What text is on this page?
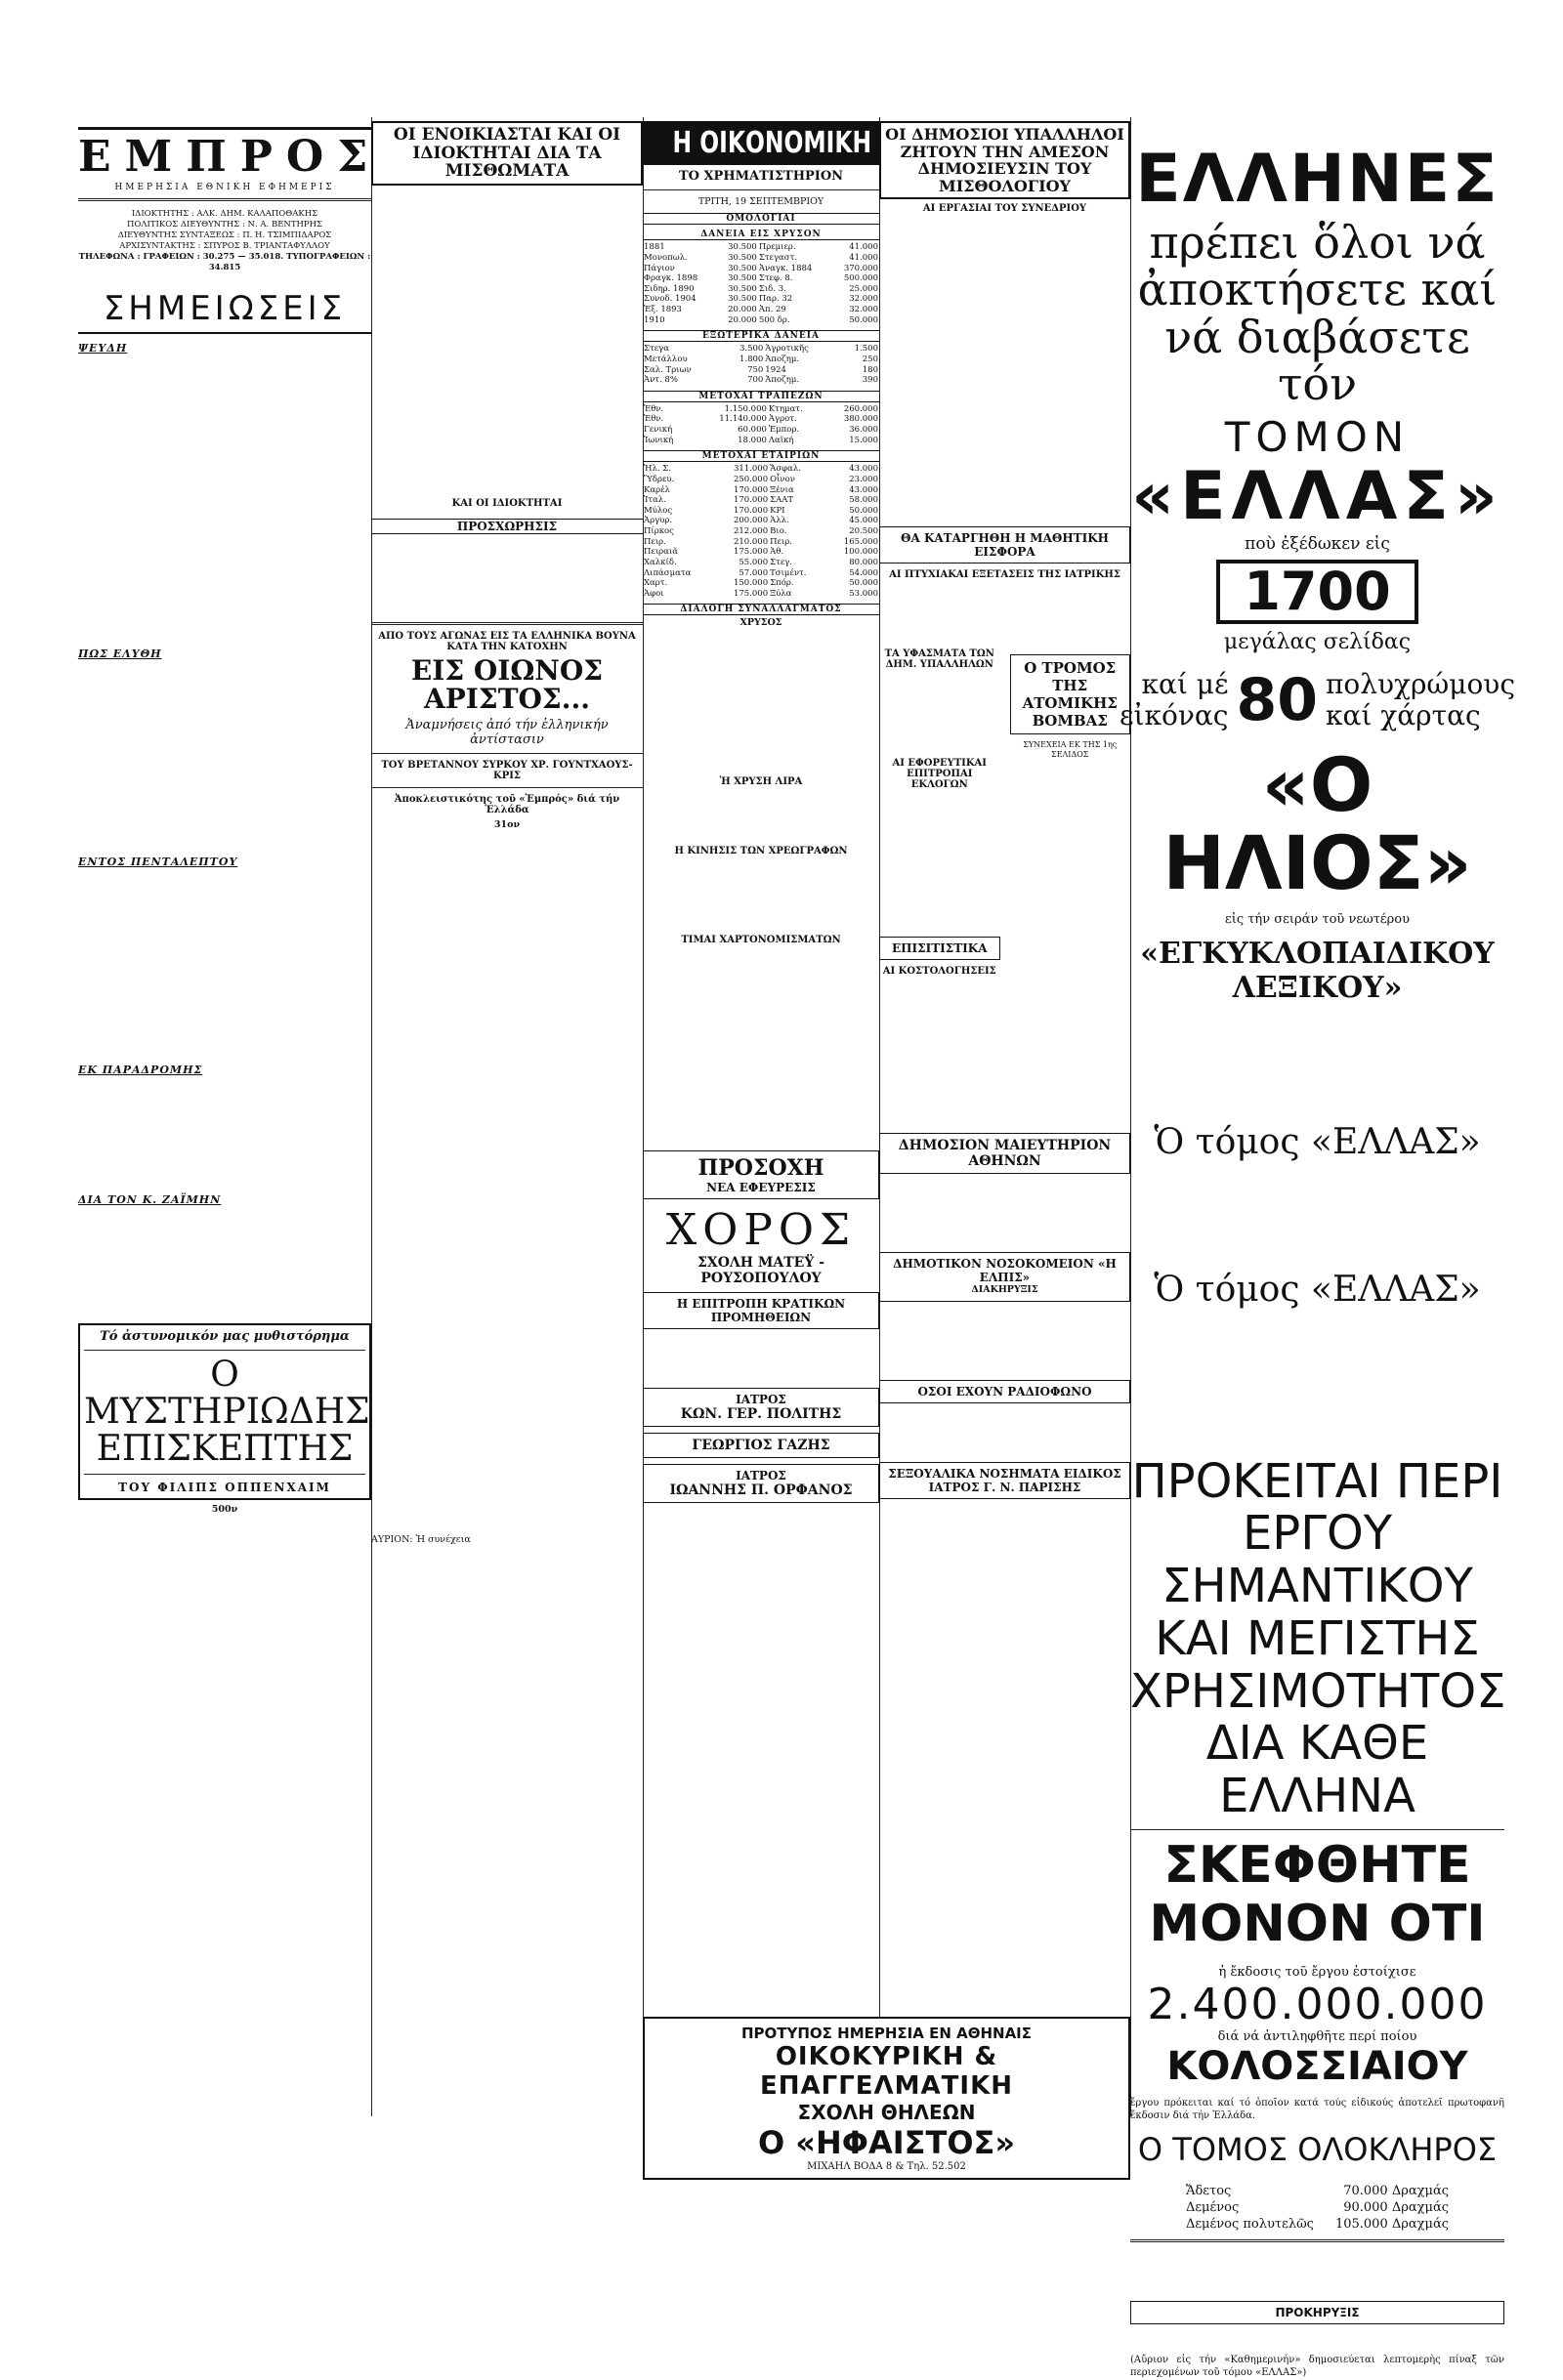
ΕΜΠΡΟΣ
ΗΜΕΡΗΣΙΑ ΕΘΝΙΚΗ ΕΦΗΜΕΡΙΣ
ΙΔΙΟΚΤΗΤΗΣ : ΑΛΚ. ΔΗΜ. ΚΑΛΑΠΟΘΑΚΗΣ
ΠΟΛΙΤΙΚΟΣ ΔΙΕΥΘΥΝΤΗΣ : Ν. Α. ΒΕΝΤΗΡΗΣ
ΔΙΕΥΘΥΝΤΗΣ ΣΥΝΤΑΞΕΩΣ : Π. Η. ΤΣΙΜΠΙΔΑΡΟΣ
ΑΡΧΙΣΥΝΤΑΚΤΗΣ : ΣΠΥΡΟΣ Β. ΤΡΙΑΝΤΑΦΥΛΛΟΥ
ΤΗΛΕΦΩΝΑ : ΓΡΑΦΕΙΩΝ : 30.275 — 35.018. ΤΥΠΟΓΡΑΦΕΙΩΝ : 34.815
ΣΗΜΕΙΩΣΕΙΣ
ΨΕΥΔΗ
ΠΩΣ ΕΛΥΘΗ
ΕΝΤΟΣ ΠΕΝΤΑΛΕΠΤΟΥ
ΕΚ ΠΑΡΑΔΡΟΜΗΣ
ΔΙΑ ΤΟΝ Κ. ΖΑΪΜΗΝ
Τό ἀστυνομικόν μας μυθιστόρημα
Ο ΜΥΣΤΗΡΙΩΔΗΣ ΕΠΙΣΚΕΠΤΗΣ
ΤΟΥ ΦΙΛΙΠΣ ΟΠΠΕΝΧΑΙΜ
500ν
ΟΙ ΕΝΟΙΚΙΑΣΤΑΙ ΚΑΙ ΟΙ ΙΔΙΟΚΤΗΤΑΙ ΔΙΑ ΤΑ ΜΙΣΘΩΜΑΤΑ
ΚΑΙ ΟΙ ΙΔΙΟΚΤΗΤΑΙ
ΠΡΟΣΧΩΡΗΣΙΣ
ΑΠΟ ΤΟΥΣ ΑΓΩΝΑΣ ΕΙΣ ΤΑ ΕΛΛΗΝΙΚΑ ΒΟΥΝΑ ΚΑΤΑ ΤΗΝ ΚΑΤΟΧΗΝ
ΕΙΣ ΟΙΩΝΟΣ ΑΡΙΣΤΟΣ...
Ἀναμνήσεις ἀπό τήν ἑλληνικήν ἀντίστασιν
ΤΟΥ ΒΡΕΤΑΝΝΟΥ ΣΥΡΚΟΥ ΧΡ. ΓΟΥΝΤΧΑΟΥΣ-ΚΡΙΣ
Ἀποκλειστικότης τοῦ «Ἐμπρός» διά τήν Ἑλλάδα
31ον
ΑΥΡΙΟΝ: Ἡ συνέχεια
Η ΟΙΚΟΝΟΜΙΚΗ ΖΩΗ
ΤΟ ΧΡΗΜΑΤΙΣΤΗΡΙΟΝ
ΤΡΙΤΗ, 19 ΣΕΠΤΕΜΒΡΙΟΥ
ΟΜΟΛΟΓΙΑΙ
ΔΑΝΕΙΑ ΕΙΣ ΧΡΥΣΟΝ
1881	30.500	Πρεμιερ.	41.000
Μονοπωλ.	30.500	Στεγαστ.	41.000
Πάγιον	30.500	Ἀναγκ. 1884	370.000
Φραγκ. 1898	30.500	Στεφ. 8.	500.000
Σιδηρ. 1890	30.500	Σιδ. 3.	25.000
Συνοδ. 1904	30.500	Παρ. 32	32.000
Ἐξ. 1893	20.000	Ἀπ. 29	32.000
1910	20.000	500 δρ.	50.000
ΕΞΩΤΕΡΙΚΑ ΔΑΝΕΙΑ
Στεγα	3.500	Ἀγροτικῆς	1.500
Μετάλλου	1.800	Ἀποζημ.	250
Σαλ. Τριων	750	1924	180
Ἀντ. 8%	700	Ἀποζημ.	390
ΜΕΤΟΧΑΙ ΤΡΑΠΕΖΩΝ
Ἐθν.	1.150.000	Κτηματ.	260.000
Ἐθν.	11.140.000	Ἀγροτ.	380.000
Γενική	60.000	Ἐμπορ.	36.000
Ἰωνική	18.000	Λαϊκή	15.000
ΜΕΤΟΧΑΙ ΕΤΑΙΡΙΩΝ
Ἠλ. Σ.	311.000	Ἄσφαλ.	43.000
Ὕδρευ.	250.000	Οἶνον	23.000
Καρέλ	170.000	Ξένια	43.000
Ἰταλ.	170.000	ΣΑΑΤ	58.000
Μύλος	170.000	ΚΡΙ	50.000
Ἀργυρ.	200.000	Ἀλλ.	45.000
Πίρκος	212.000	Βιο.	20.500
Πειρ.	210.000	Πειρ.	165.000
Πειραιᾶ	175.000	Ἀθ.	100.000
Χαλκίδ.	55.000	Στεγ.	80.000
Λιπάσματα	57.000	Τσιμέντ.	54.000
Χαρτ.	150.000	Σπόρ.	50.000
Ἀφοι	175.000	Ξύλα	53.000
ΔΙΑΛΟΓΗ ΣΥΝΑΛΛΑΓΜΑΤΟΣ
ΧΡΥΣΟΣ
Ἡ ΧΡΥΣΗ ΛΙΡΑ
Η ΚΙΝΗΣΙΣ ΤΩΝ ΧΡΕΩΓΡΑΦΩΝ
ΤΙΜΑΙ ΧΑΡΤΟΝΟΜΙΣΜΑΤΩΝ
ΠΡΟΣΟΧΗ
ΝΕΑ ΕΦΕΥΡΕΣΙΣ
ΧΟΡΟΣ
ΣΧΟΛΗ ΜΑΤΕΫ - ΡΟΥΣΟΠΟΥΛΟΥ
Η ΕΠΙΤΡΟΠΗ ΚΡΑΤΙΚΩΝ ΠΡΟΜΗΘΕΙΩΝ
ΙΑΤΡΟΣ
ΚΩΝ. ΓΕΡ. ΠΟΛΙΤΗΣ
ΓΕΩΡΓΙΟΣ ΓΑΖΗΣ
ΙΑΤΡΟΣ
ΙΩΑΝΝΗΣ Π. ΟΡΦΑΝΟΣ
ΟΙ ΔΗΜΟΣΙΟΙ ΥΠΑΛΛΗΛΟΙ ΖΗΤΟΥΝ ΤΗΝ ΑΜΕΣΟΝ ΔΗΜΟΣΙΕΥΣΙΝ ΤΟΥ ΜΙΣΘΟΛΟΓΙΟΥ
ΑΙ ΕΡΓΑΣΙΑΙ ΤΟΥ ΣΥΝΕΔΡΙΟΥ
ΘΑ ΚΑΤΑΡΓΗΘΗ Η ΜΑΘΗΤΙΚΗ ΕΙΣΦΟΡΑ
ΑΙ ΠΤΥΧΙΑΚΑΙ ΕΞΕΤΑΣΕΙΣ ΤΗΣ ΙΑΤΡΙΚΗΣ
ΤΑ ΥΦΑΣΜΑΤΑ ΤΩΝ ΔΗΜ. ΥΠΑΛΛΗΛΩΝ
ΑΙ ΕΦΟΡΕΥΤΙΚΑΙ ΕΠΙΤΡΟΠΑΙ ΕΚΛΟΓΩΝ
ΕΠΙΣΙΤΙΣΤΙΚΑ
ΑΙ ΚΟΣΤΟΛΟΓΗΣΕΙΣ
Ο ΤΡΟΜΟΣ ΤΗΣ ΑΤΟΜΙΚΗΣ ΒΟΜΒΑΣ
ΣΥΝΕΧΕΙΑ ΕΚ ΤΗΣ 1ης ΣΕΛΙΔΟΣ
ΔΗΜΟΣΙΟΝ ΜΑΙΕΥΤΗΡΙΟΝ ΑΘΗΝΩΝ
ΔΗΜΟΤΙΚΟΝ ΝΟΣΟΚΟΜΕΙΟΝ «Η ΕΛΠΙΣ»
ΔΙΑΚΗΡΥΞΙΣ
ΟΣΟΙ ΕΧΟΥΝ ΡΑΔΙΟΦΩΝΟ
ΣΕΞΟΥΑΛΙΚΑ ΝΟΣΗΜΑΤΑ ΕΙΔΙΚΟΣ ΙΑΤΡΟΣ Γ. Ν. ΠΑΡΙΣΗΣ
ΕΛΛΗΝΕΣ
πρέπει ὅλοι νά ἀποκτήσετε καί νά διαβάσετε τόν
ΤΟΜΟΝ
«ΕΛΛΑΣ»
ποὺ ἐξέδωκεν εἰς
1700
μεγάλας σελίδας
καί μέ
εἰκόνας 80 πολυχρώμους
καί χάρτας
«Ο ΗΛΙΟΣ»
εἰς τήν σειράν τοῦ νεωτέρου
«ΕΓΚΥΚΛΟΠΑΙΔΙΚΟΥ ΛΕΞΙΚΟΥ»
Ὁ τόμος «ΕΛΛΑΣ»
Ὁ τόμος «ΕΛΛΑΣ»
ΠΡΟΚΕΙΤΑΙ ΠΕΡΙ ΕΡΓΟΥ ΣΗΜΑΝΤΙΚΟΥ ΚΑΙ ΜΕΓΙΣΤΗΣ ΧΡΗΣΙΜΟΤΗΤΟΣ ΔΙΑ ΚΑΘΕ ΕΛΛΗΝΑ
ΣΚΕΦΘΗΤΕ ΜΟΝΟΝ ΟΤΙ
ἡ ἔκδοσις τοῦ ἔργου ἐστοίχισε
2.400.000.000
διά νά ἀντιληφθῆτε περί ποίου
ΚΟΛΟΣΣΙΑΙΟΥ
ἔργου πρόκειται καί τό ὁποῖον κατά τούς εἰδικούς ἀποτελεῖ πρωτοφανῆ ἔκδοσιν διά τήν Ἑλλάδα.
Ο ΤΟΜΟΣ ΟΛΟΚΛΗΡΟΣ
Ἄδετος	70.000 Δραχμάς
Δεμένος	90.000 Δραχμάς
Δεμένος πολυτελῶς	105.000 Δραχμάς
ΠΡΟΚΗΡΥΞΙΣ
(Αὔριον εἰς τήν «Καθημερινήν» δημοσιεύεται λεπτομερὴς πίναξ τῶν περιεχομένων τοῦ τόμου «ΕΛΛΑΣ»)
ΠΡΟΤΥΠΟΣ ΗΜΕΡΗΣΙΑ ΕΝ ΑΘΗΝΑΙΣ
ΟΙΚΟΚΥΡΙΚΗ & ΕΠΑΓΓΕΛΜΑΤΙΚΗ
ΣΧΟΛΗ ΘΗΛΕΩΝ
Ο «ΗΦΑΙΣΤΟΣ»
ΜΙΧΑΗΛ ΒΟΔΑ 8 & Τηλ. 52.502
